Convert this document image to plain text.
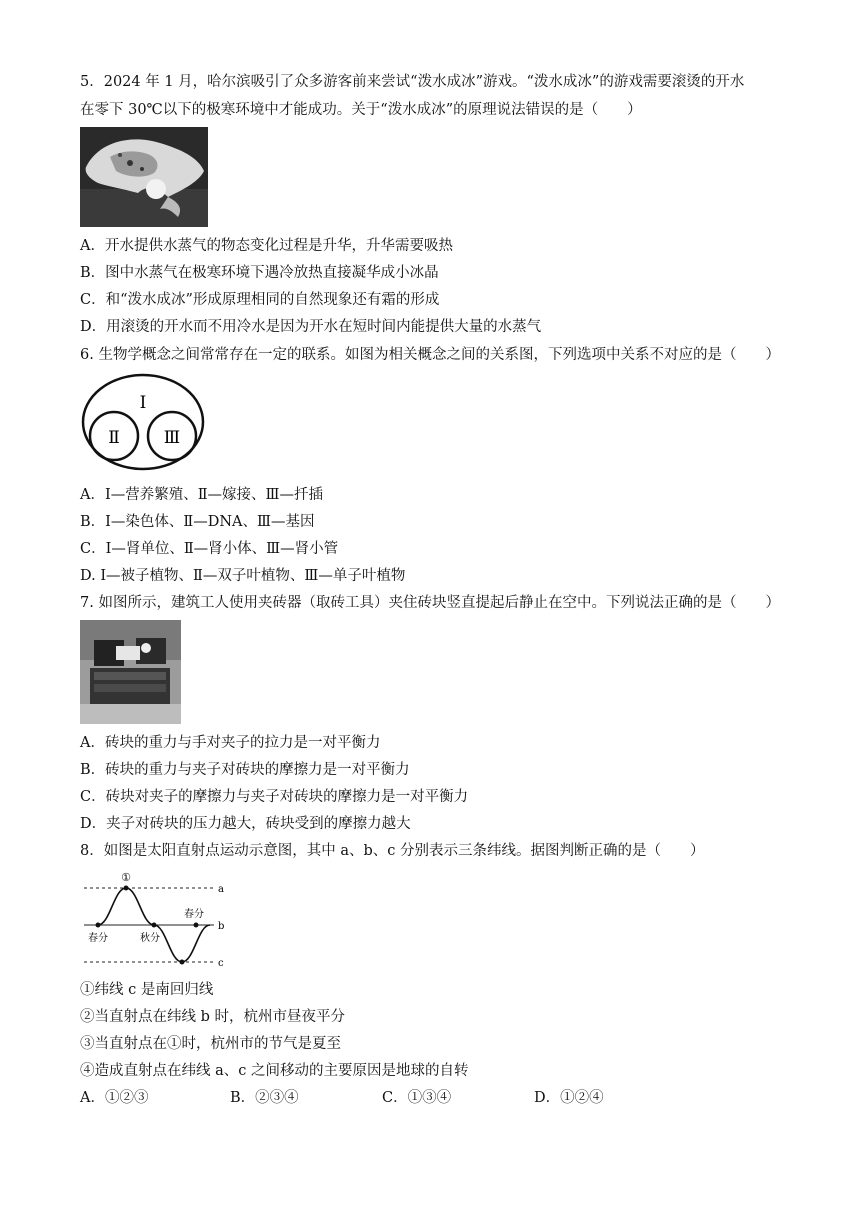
5．2024 年 1 月，哈尔滨吸引了众多游客前来尝试“泼水成冰”游戏。“泼水成冰”的游戏需要滚烫的开水
在零下 30℃以下的极寒环境中才能成功。关于“泼水成冰”的原理说法错误的是（　　）
A．开水提供水蒸气的物态变化过程是升华，升华需要吸热
B．图中水蒸气在极寒环境下遇冷放热直接凝华成小冰晶
C．和“泼水成冰”形成原理相同的自然现象还有霜的形成
D．用滚烫的开水而不用冷水是因为开水在短时间内能提供大量的水蒸气
6. 生物学概念之间常常存在一定的联系。如图为相关概念之间的关系图，下列选项中关系不对应的是（　　）
Ⅰ
Ⅱ	Ⅲ
A．Ⅰ—营养繁殖、Ⅱ—嫁接、Ⅲ—扦插
B．Ⅰ—染色体、Ⅱ—DNA、Ⅲ—基因
C．Ⅰ—肾单位、Ⅱ—肾小体、Ⅲ—肾小管
D. I—被子植物、Ⅱ—双子叶植物、Ⅲ—单子叶植物
7. 如图所示，建筑工人使用夹砖器（取砖工具）夹住砖块竖直提起后静止在空中。下列说法正确的是（　　）
A．砖块的重力与手对夹子的拉力是一对平衡力
B．砖块的重力与夹子对砖块的摩擦力是一对平衡力
C．砖块对夹子的摩擦力与夹子对砖块的摩擦力是一对平衡力
D．夹子对砖块的压力越大，砖块受到的摩擦力越大
8．如图是太阳直射点运动示意图，其中 a、b、c 分别表示三条纬线。据图判断正确的是（　　）
①
a
b
c
春分	秋分
春分
①纬线 c 是南回归线
②当直射点在纬线 b 时，杭州市昼夜平分
③当直射点在①时，杭州市的节气是夏至
④造成直射点在纬线 a、c 之间移动的主要原因是地球的自转
A．①②③	B．②③④	C．①③④	D．①②④
